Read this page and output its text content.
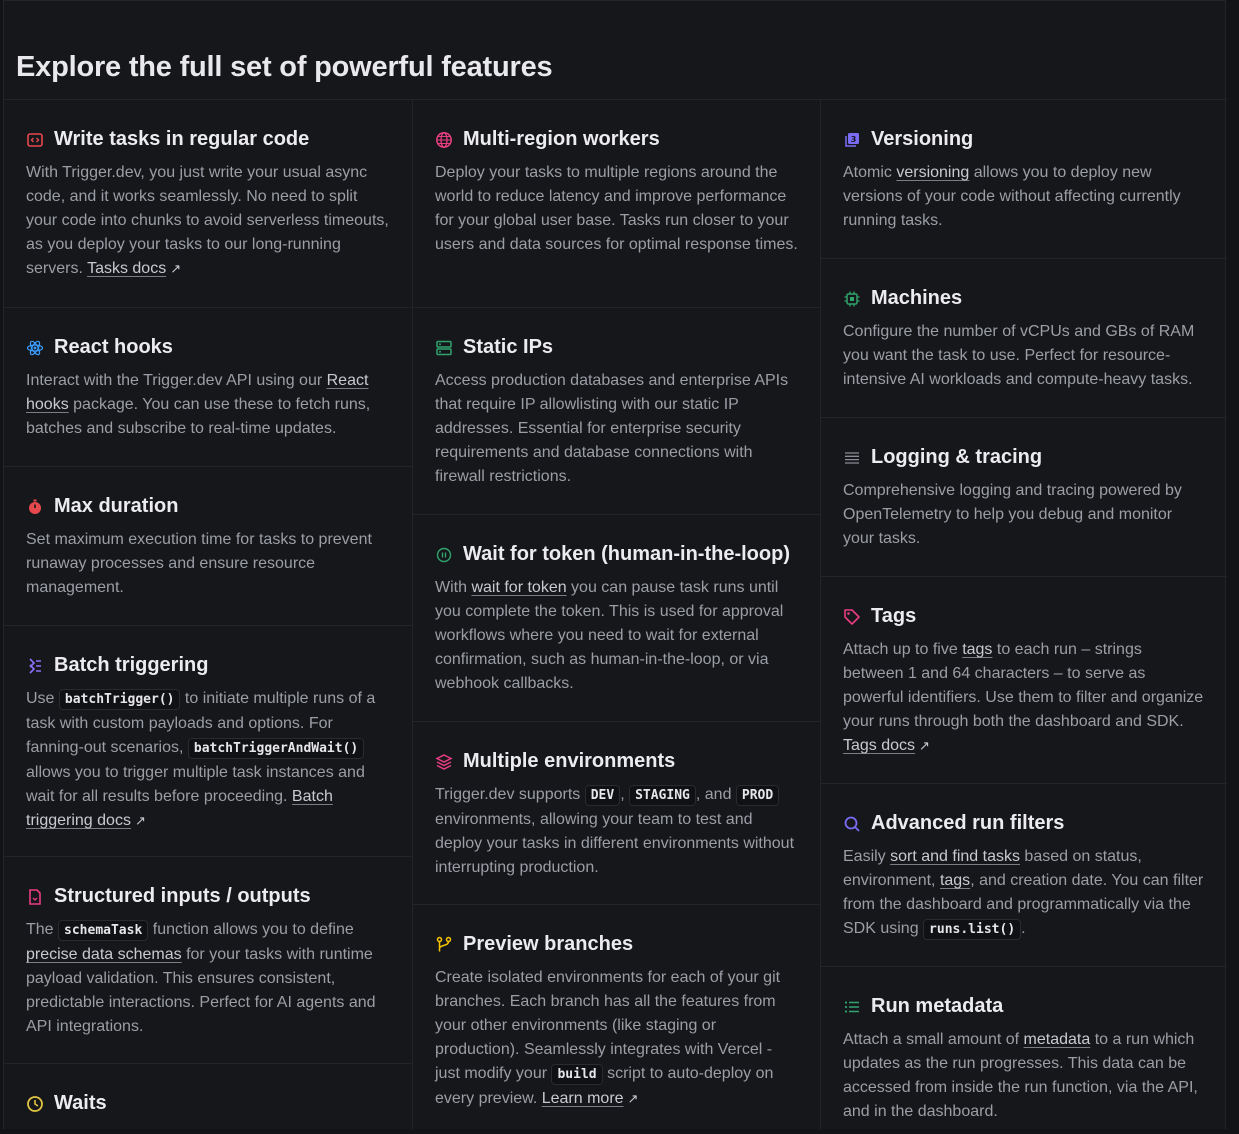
Explore the full set of powerful features
Write tasks in regular code

With Trigger.dev, you just write your usual async code, and it works seamlessly. No need to split your code into chunks to avoid serverless timeouts, as you deploy your tasks to our long-running servers. Tasks docs ↗

React hooks

Interact with the Trigger.dev API using our React hooks package. You can use these to fetch runs, batches and subscribe to real-time updates.

Max duration

Set maximum execution time for tasks to prevent runaway processes and ensure resource management.

Batch triggering

Use batchTrigger() to initiate multiple runs of a task with custom payloads and options. For fanning-out scenarios, batchTriggerAndWait() allows you to trigger multiple task instances and wait for all results before proceeding. Batch triggering docs ↗

Structured inputs / outputs

The schemaTask function allows you to define precise data schemas for your tasks with runtime payload validation. This ensures consistent, predictable interactions. Perfect for AI agents and API integrations.

Waits
Multi-region workers

Deploy your tasks to multiple regions around the world to reduce latency and improve performance for your global user base. Tasks run closer to your users and data sources for optimal response times.

Static IPs

Access production databases and enterprise APIs that require IP allowlisting with our static IP addresses. Essential for enterprise security requirements and database connections with firewall restrictions.

Wait for token (human-in-the-loop)

With wait for token you can pause task runs until you complete the token. This is used for approval workflows where you need to wait for external confirmation, such as human-in-the-loop, or via webhook callbacks.

Multiple environments

Trigger.dev supports DEV , STAGING , and PROD environments, allowing your team to test and deploy your tasks in different environments without interrupting production.

Preview branches

Create isolated environments for each of your git branches. Each branch has all the features from your other environments (like staging or production). Seamlessly integrates with Vercel - just modify your build script to auto-deploy on every preview. Learn more ↗

3 Versioning

Atomic versioning allows you to deploy new versions of your code without affecting currently running tasks.

Machines

Configure the number of vCPUs and GBs of RAM you want the task to use. Perfect for resource-intensive AI workloads and compute-heavy tasks.

Logging & tracing

Comprehensive logging and tracing powered by OpenTelemetry to help you debug and monitor your tasks.

Tags

Attach up to five tags to each run – strings between 1 and 64 characters – to serve as powerful identifiers. Use them to filter and organize your runs through both the dashboard and SDK. Tags docs ↗

Advanced run filters

Easily sort and find tasks based on status, environment, tags, and creation date. You can filter from the dashboard and programmatically via the SDK using runs.list() .

Run metadata

Attach a small amount of metadata to a run which updates as the run progresses. This data can be accessed from inside the run function, via the API, and in the dashboard.
